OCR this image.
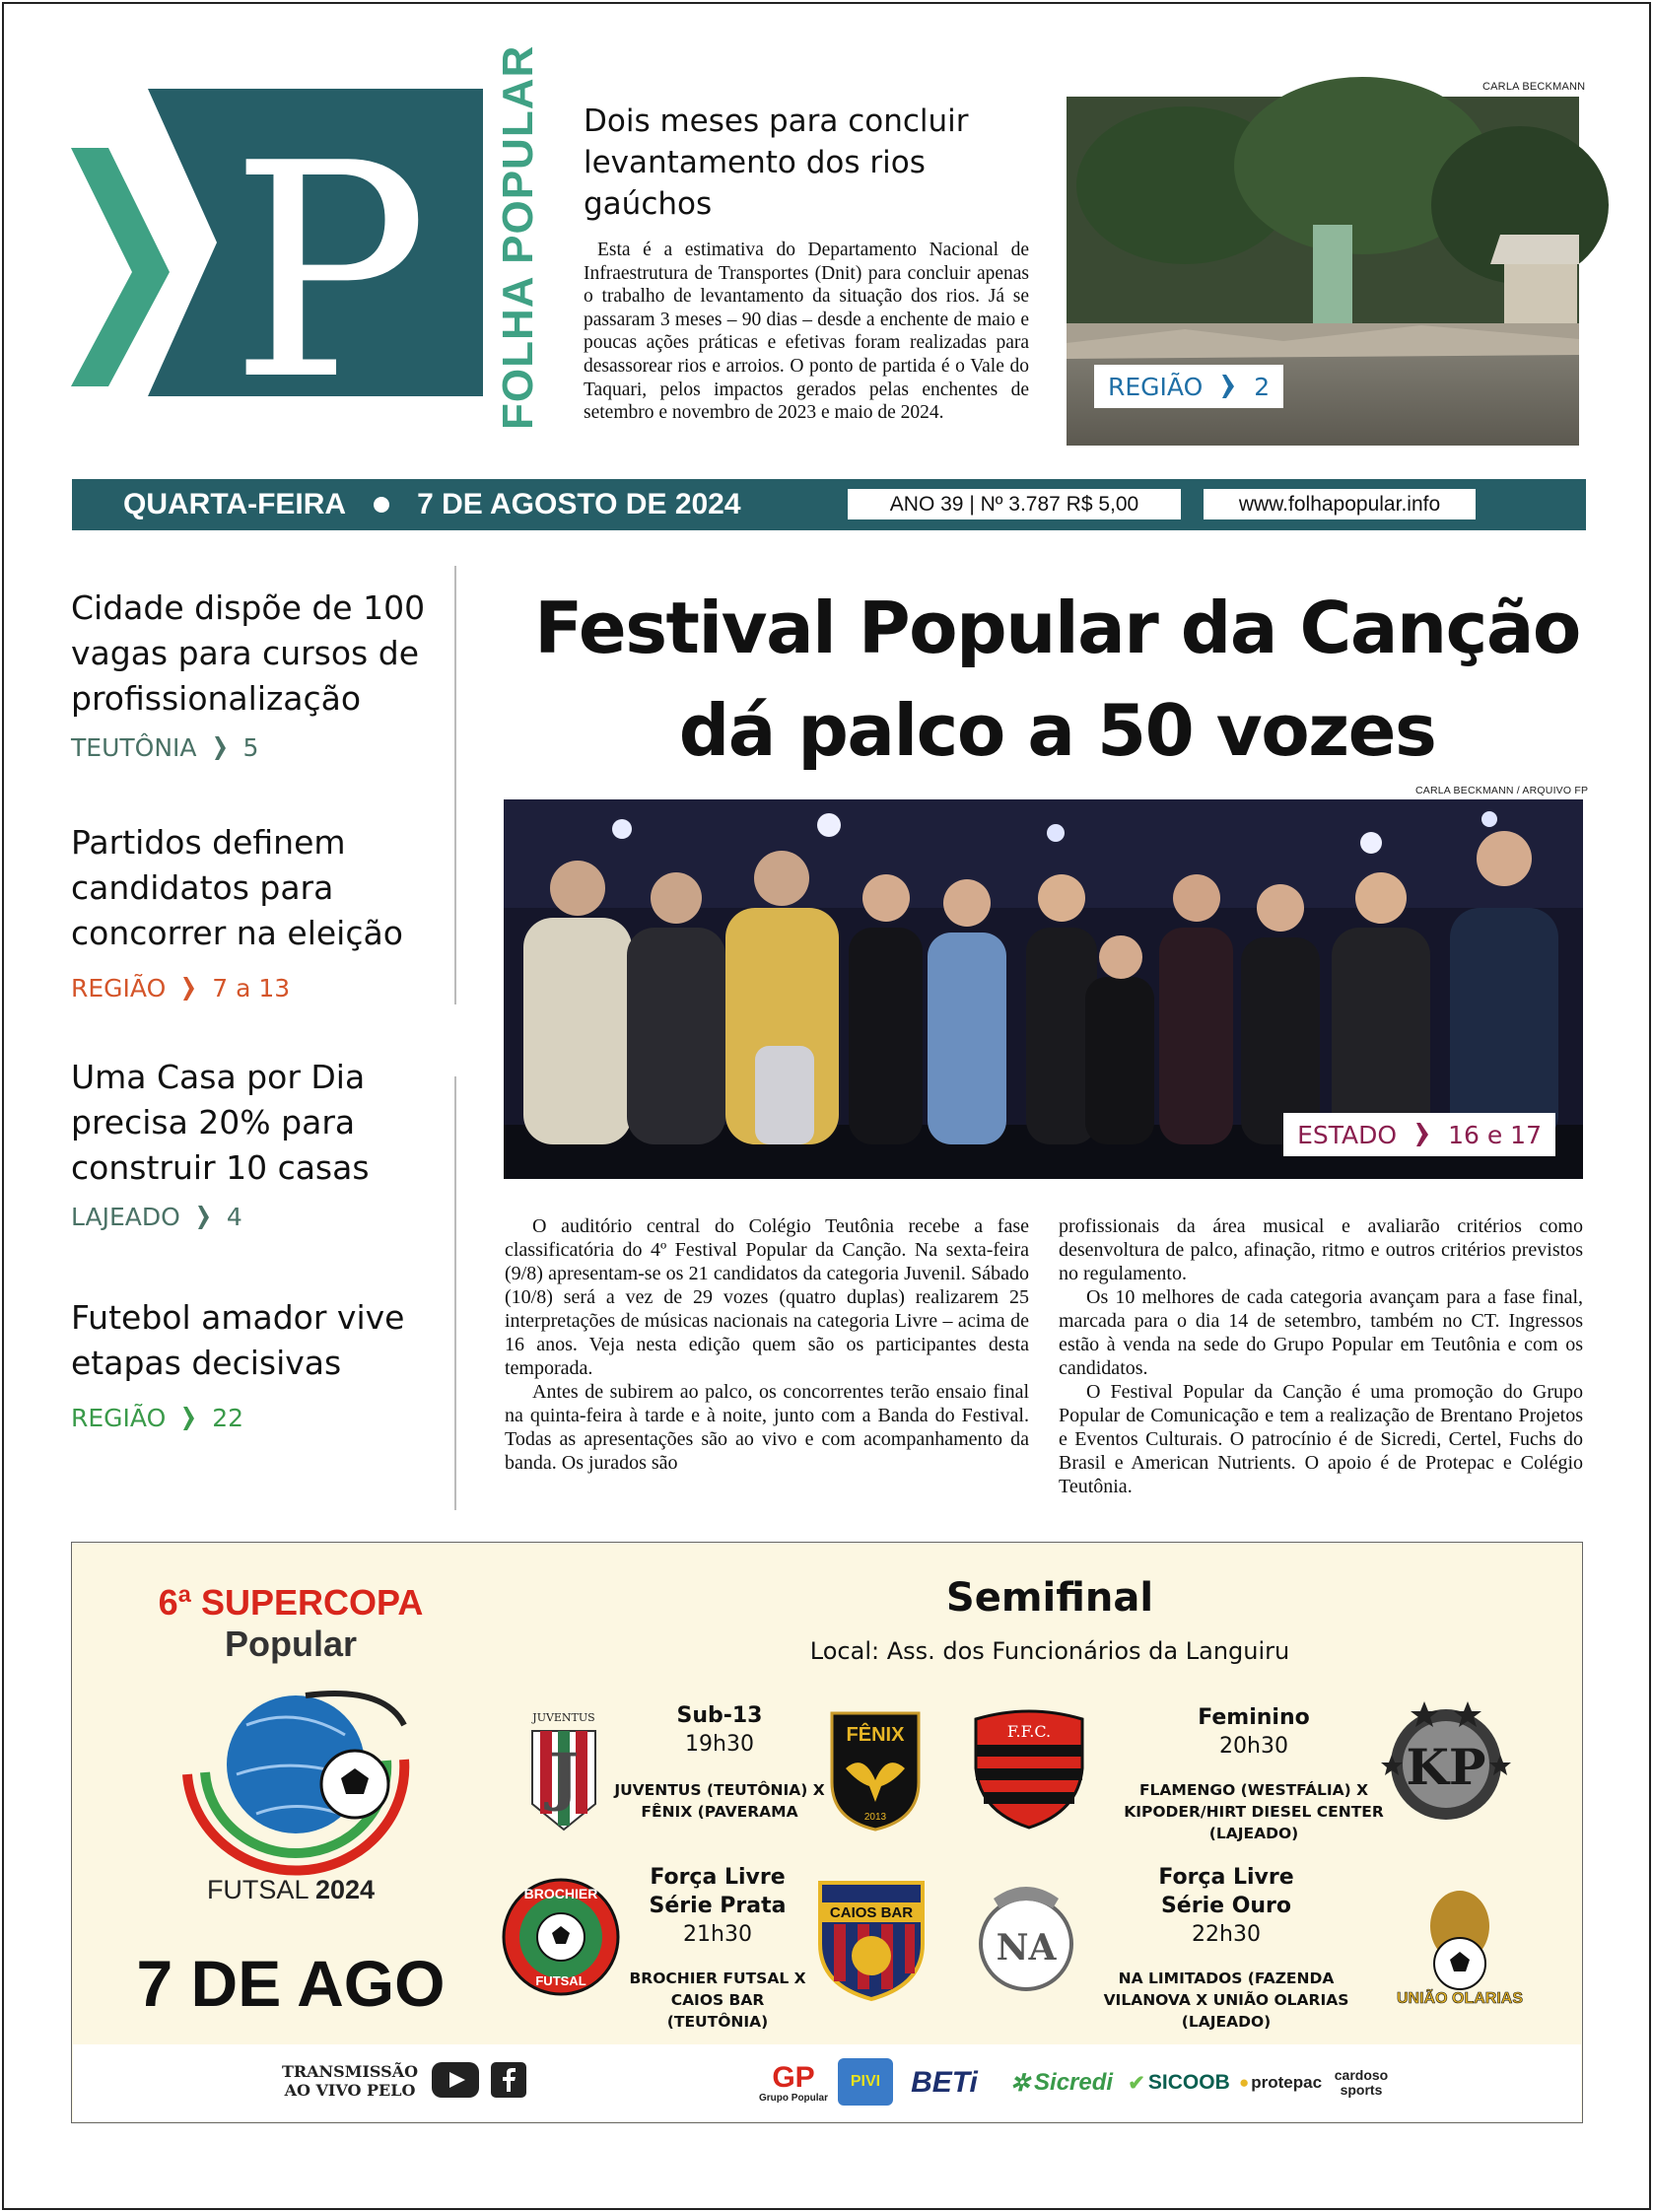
P FOLHA POPULAR Dois meses para concluir levantamento dos rios gaúchos

Esta é a estimativa do Departamento Nacional de Infraestrutura de Transportes (Dnit) para concluir apenas o trabalho de levantamento da situação dos rios. Já se passaram 3 meses – 90 dias – desde a enchente de maio e poucas ações práticas e efetivas foram realizadas para desassorear rios e arroios. O ponto de partida é o Vale do Taquari, pelos impactos gerados pelas enchentes de setembro e novembro de 2023 e maio de 2024.

CARLA BECKMANN
REGIÃO 2
QUARTA-FEIRA 7 DE AGOSTO DE 2024	ANO 39 | Nº 3.787 R$ 5,00	www.folhapopular.info
Cidade dispõe de 100 vagas para cursos de profissionalização
TEUTÔNIA 5
Partidos definem candidatos para concorrer na eleição
REGIÃO 7 a 13
Uma Casa por Dia precisa 20% para construir 10 casas
LAJEADO 4
Futebol amador vive etapas decisivas
REGIÃO 22
Festival Popular da Canção dá palco a 50 vozes
CARLA BECKMANN / ARQUIVO FP
ESTADO 16 e 17

O auditório central do Colégio Teutônia recebe a fase classificatória do 4º Festival Popular da Canção. Na sexta-feira (9/8) apresentam-se os 21 candidatos da categoria Juvenil. Sábado (10/8) será a vez de 29 vozes (quatro duplas) realizarem 25 interpretações de músicas nacionais na categoria Livre – acima de 16 anos. Veja nesta edição quem são os participantes desta temporada.

Antes de subirem ao palco, os concorrentes terão ensaio final na quinta-feira à tarde e à noite, junto com a Banda do Festival. Todas as apresentações são ao vivo e com acompanhamento da banda. Os jurados são

profissionais da área musical e avaliarão critérios como desenvoltura de palco, afinação, ritmo e outros critérios previstos no regulamento.

Os 10 melhores de cada categoria avançam para a fase final, marcada para o dia 14 de setembro, também no CT. Ingressos estão à venda na sede do Grupo Popular em Teutônia e com os candidatos.

O Festival Popular da Canção é uma promoção do Grupo Popular de Comunicação e tem a realização de Brentano Projetos e Eventos Culturais. O patrocínio é de Sicredi, Certel, Fuchs do Brasil e American Nutrients. O apoio é de Protepac e Colégio Teutônia.

6ª SUPERCOPA
Popular
FUTSAL 2024
7 DE AGO
Semifinal
Local: Ass. dos Funcionários da Languiru
JUVENTUS
J
Sub-13
19h30
JUVENTUS (TEUTÔNIA) X FÊNIX (PAVERAMA
FÊNIX
2013
F.F.C.
Feminino
20h30
FLAMENGO (WESTFÁLIA) X KIPODER/HIRT DIESEL CENTER (LAJEADO)
KP
BROCHIER
FUTSAL
Força Livre
Série Prata
21h30
BROCHIER FUTSAL X CAIOS BAR (TEUTÔNIA)
CAIOS BAR
NA
Força Livre
Série Ouro
22h30
NA LIMITADOS (FAZENDA VILANOVA X UNIÃO OLARIAS (LAJEADO)
UNIÃO OLARIAS
TRANSMISSÃO AO VIVO PELO	GP
Grupo Popular
PIVI	BETi ✲ Sicredi ✔ SICOOB ● protepac cardoso
sports
